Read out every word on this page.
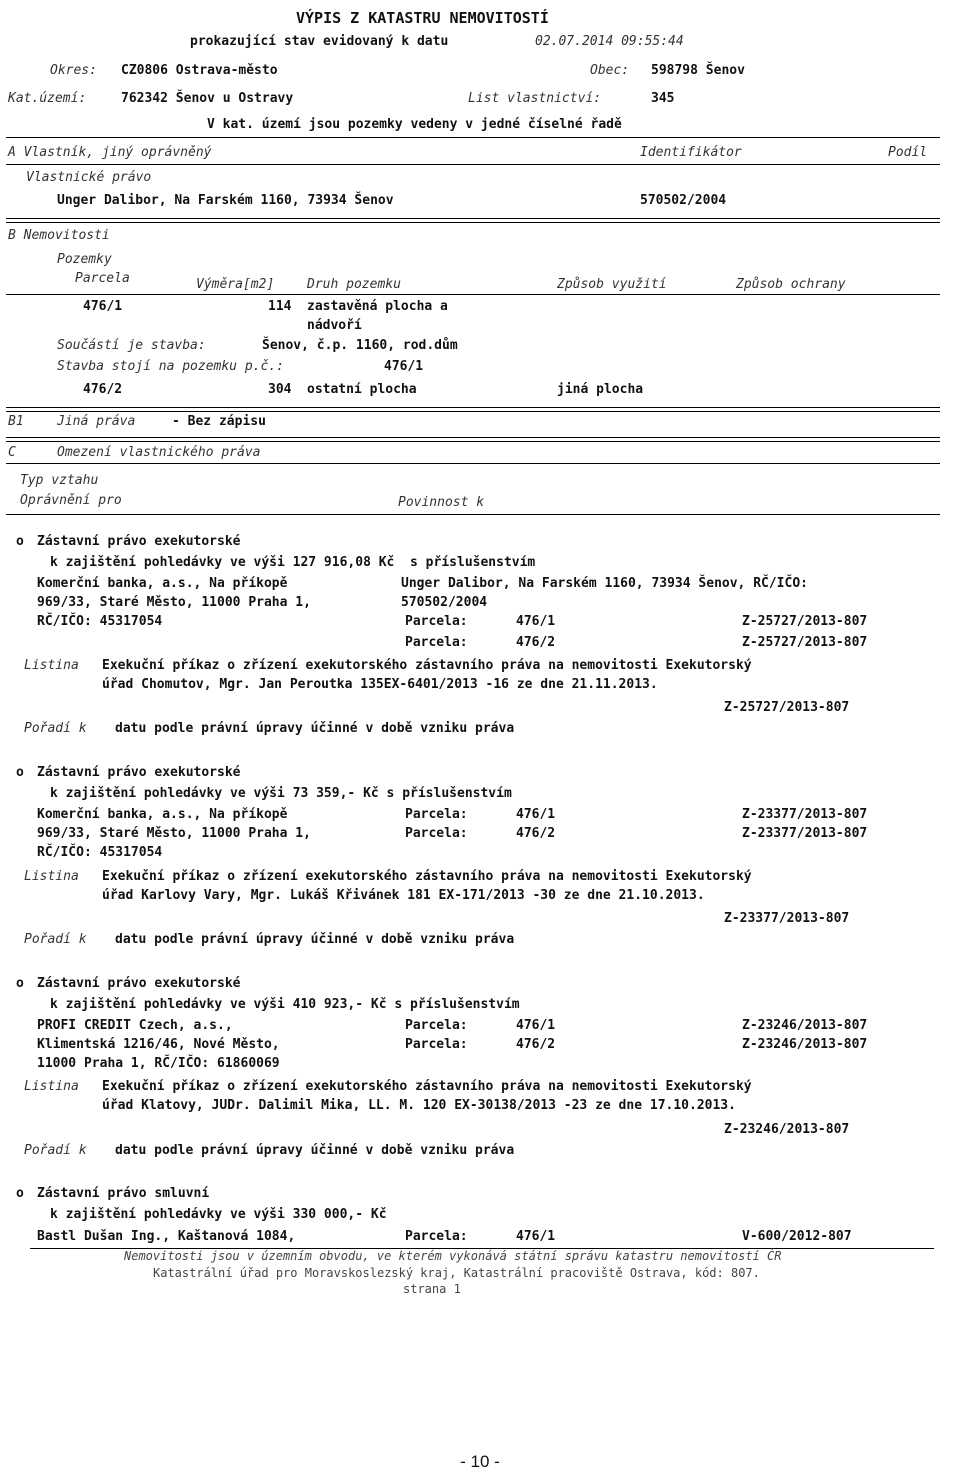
VÝPIS Z KATASTRU NEMOVITOSTÍ
prokazující stav evidovaný k datu	02.07.2014 09:55:44
Okres: CZ0806 Ostrava-město	Obec: 598798 Šenov
Kat.území:	762342 Šenov u Ostravy	List vlastnictví:	345
V kat. území jsou pozemky vedeny v jedné číselné řadě
A Vlastník, jiný oprávněný	Identifikátor	Podíl
Vlastnické právo
Unger Dalibor, Na Farském 1160, 73934 Šenov	570502/2004
B Nemovitosti
Pozemky
Parcela	Výměra[m2]	Druh pozemku	Způsob využití	Způsob ochrany
476/1	114 zastavěná plocha a
nádvoří
Součástí je stavba:	Šenov, č.p. 1160, rod.dům
Stavba stojí na pozemku p.č.:	476/1
476/2	304 ostatní plocha	jiná plocha
B1	Jiná práva	- Bez zápisu
C	Omezení vlastnického práva
Typ vztahu
Oprávnění pro	Povinnost k
o Zástavní právo exekutorské
k zajištění pohledávky ve výši 127 916,08 Kč  s příslušenstvím
Komerční banka, a.s., Na příkopě	Unger Dalibor, Na Farském 1160, 73934 Šenov, RČ/IČO:
969/33, Staré Město, 11000 Praha 1,	570502/2004
RČ/IČO: 45317054	Parcela:	476/1	Z-25727/2013-807
Parcela:	476/2	Z-25727/2013-807
Listina Exekuční příkaz o zřízení exekutorského zástavního práva na nemovitosti Exekutorský
úřad Chomutov, Mgr. Jan Peroutka 135EX-6401/2013 -16 ze dne 21.11.2013.
Z-25727/2013-807
Pořadí k datu podle právní úpravy účinné v době vzniku práva
o Zástavní právo exekutorské
k zajištění pohledávky ve výši 73 359,- Kč s příslušenstvím
Komerční banka, a.s., Na příkopě	Parcela:	476/1	Z-23377/2013-807
969/33, Staré Město, 11000 Praha 1,	Parcela:	476/2	Z-23377/2013-807
RČ/IČO: 45317054
Listina Exekuční příkaz o zřízení exekutorského zástavního práva na nemovitosti Exekutorský
úřad Karlovy Vary, Mgr. Lukáš Křivánek 181 EX-171/2013 -30 ze dne 21.10.2013.
Z-23377/2013-807
Pořadí k datu podle právní úpravy účinné v době vzniku práva
o Zástavní právo exekutorské
k zajištění pohledávky ve výši 410 923,- Kč s příslušenstvím
PROFI CREDIT Czech, a.s.,	Parcela:	476/1	Z-23246/2013-807
Klimentská 1216/46, Nové Město,	Parcela:	476/2	Z-23246/2013-807
11000 Praha 1, RČ/IČO: 61860069
Listina Exekuční příkaz o zřízení exekutorského zástavního práva na nemovitosti Exekutorský
úřad Klatovy, JUDr. Dalimil Mika, LL. M. 120 EX-30138/2013 -23 ze dne 17.10.2013.
Z-23246/2013-807
Pořadí k datu podle právní úpravy účinné v době vzniku práva
o Zástavní právo smluvní
k zajištění pohledávky ve výši 330 000,- Kč
Bastl Dušan Ing., Kaštanová 1084,	Parcela:	476/1	V-600/2012-807
Nemovitosti jsou v územním obvodu, ve kterém vykonává státní správu katastru nemovitostí ČR
Katastrální úřad pro Moravskoslezský kraj, Katastrální pracoviště Ostrava, kód: 807.
strana 1
- 10 -
